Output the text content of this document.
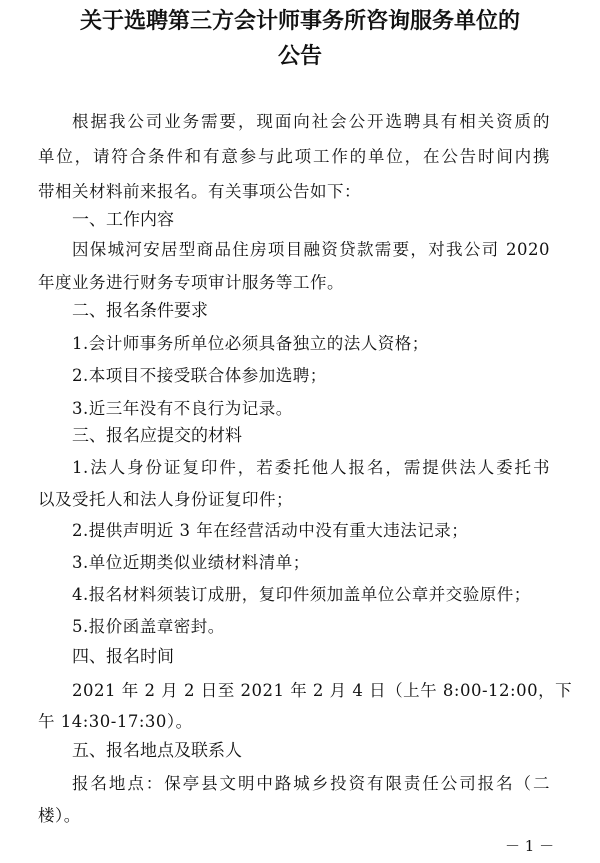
关于选聘第三方会计师事务所咨询服务单位的
公告
根据我公司业务需要，现面向社会公开选聘具有相关资质的
单位，请符合条件和有意参与此项工作的单位，在公告时间内携
带相关材料前来报名。有关事项公告如下：
一、工作内容
因保城河安居型商品住房项目融资贷款需要，对我公司 2020
年度业务进行财务专项审计服务等工作。
二、报名条件要求
1.会计师事务所单位必须具备独立的法人资格；
2.本项目不接受联合体参加选聘；
3.近三年没有不良行为记录。
三、报名应提交的材料
1.法人身份证复印件，若委托他人报名，需提供法人委托书
以及受托人和法人身份证复印件；
2.提供声明近 3 年在经营活动中没有重大违法记录；
3.单位近期类似业绩材料清单；
4.报名材料须装订成册，复印件须加盖单位公章并交验原件；
5.报价函盖章密封。
四、报名时间
2021 年 2 月 2 日至 2021 年 2 月 4 日（上午 8:00-12:00，下
午 14:30-17:30）。
五、报名地点及联系人
报名地点：保亭县文明中路城乡投资有限责任公司报名（二
楼）。
－ 1 －
